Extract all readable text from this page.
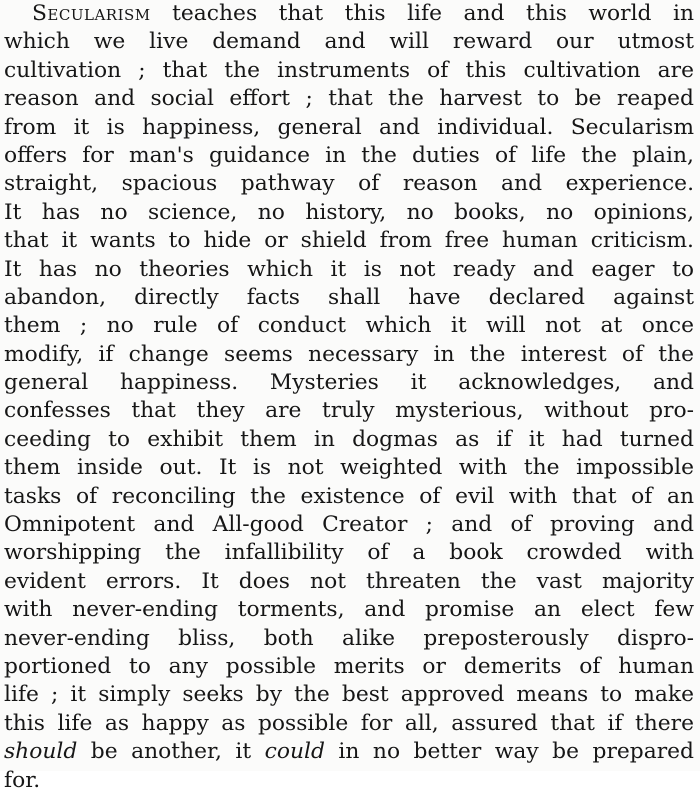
Secularism teaches that this life and this world in
which we live demand and will reward our utmost
cultivation ; that the instruments of this cultivation are
reason and social effort ; that the harvest to be reaped
from it is happiness, general and individual. Secularism
offers for man's guidance in the duties of life the plain,
straight, spacious pathway of reason and experience.
It has no science, no history, no books, no opinions,
that it wants to hide or shield from free human criticism.
It has no theories which it is not ready and eager to
abandon, directly facts shall have declared against
them ; no rule of conduct which it will not at once
modify, if change seems necessary in the interest of the
general happiness. Mysteries it acknowledges, and
confesses that they are truly mysterious, without pro-
ceeding to exhibit them in dogmas as if it had turned
them inside out. It is not weighted with the impossible
tasks of reconciling the existence of evil with that of an
Omnipotent and All-good Creator ; and of proving and
worshipping the infallibility of a book crowded with
evident errors. It does not threaten the vast majority
with never-ending torments, and promise an elect few
never-ending bliss, both alike preposterously dispro-
portioned to any possible merits or demerits of human
life ; it simply seeks by the best approved means to make
this life as happy as possible for all, assured that if there
should be another, it could in no better way be prepared
for.
